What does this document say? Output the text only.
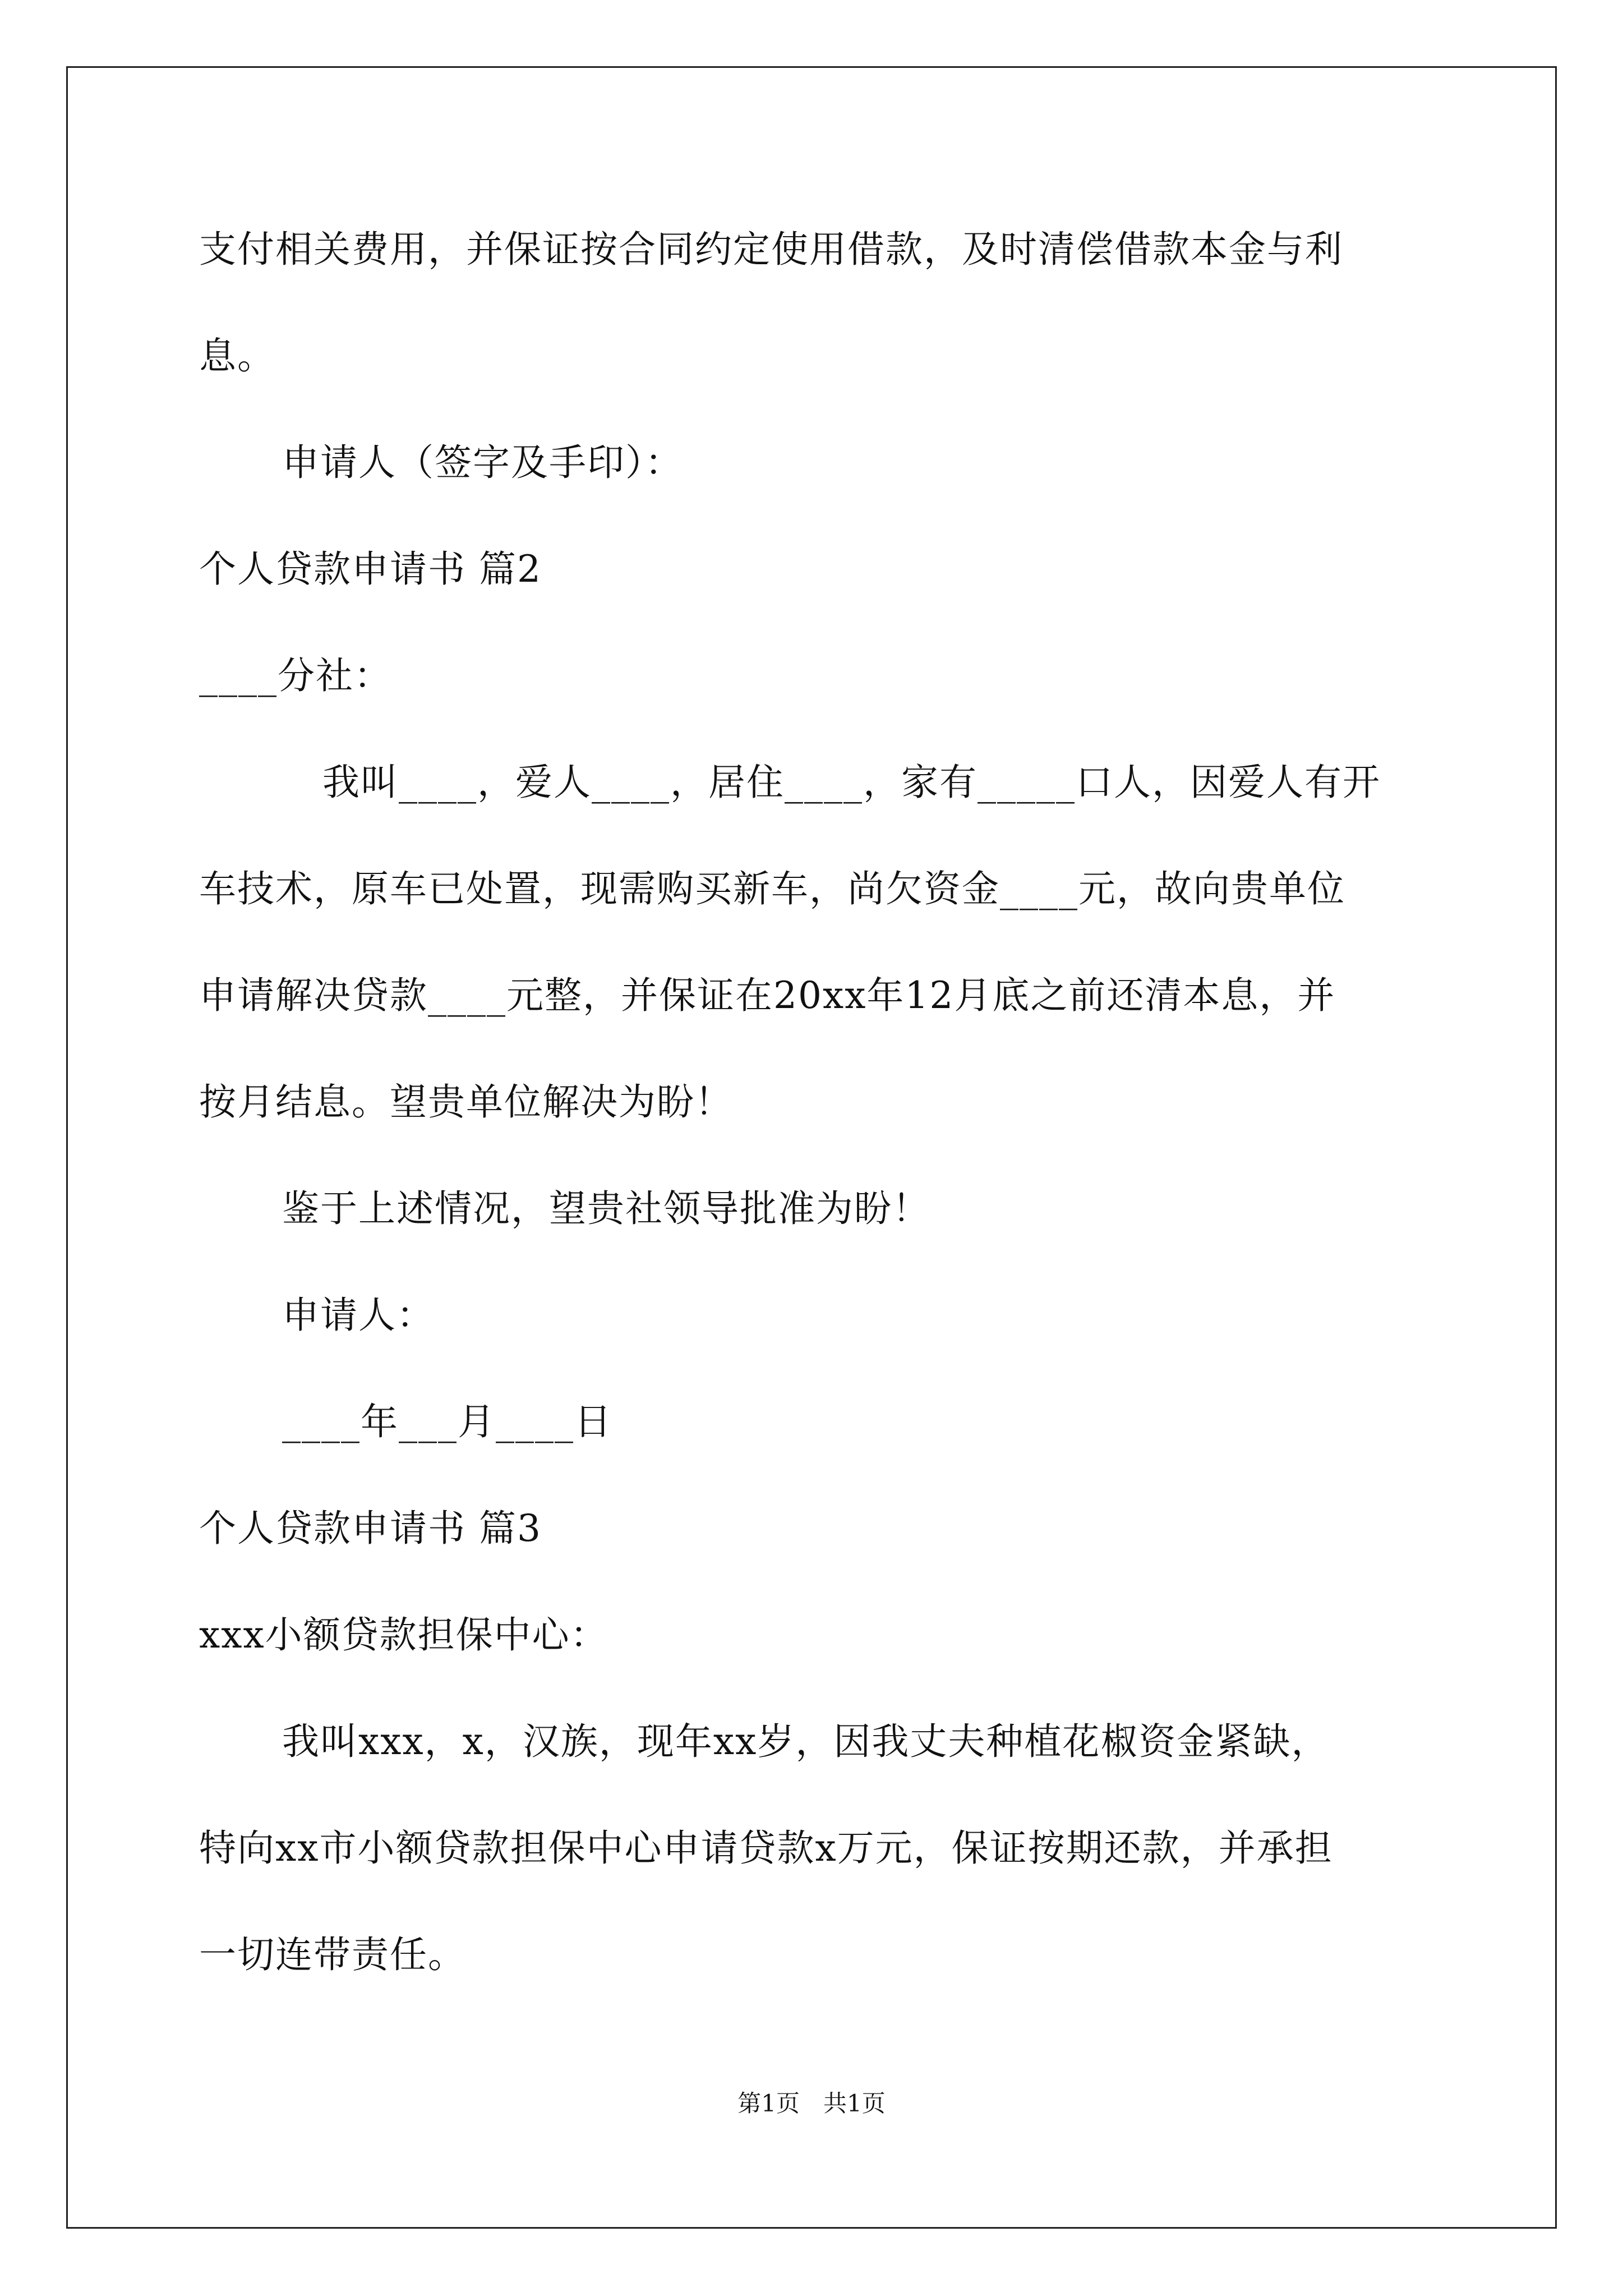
支付相关费用，并保证按合同约定使用借款，及时清偿借款本金与利
息。
申请人（签字及手印）：
个人贷款申请书 篇2
____分社：
我叫____，爱人____，居住____，家有_____口人，因爱人有开
车技术，原车已处置，现需购买新车，尚欠资金____元，故向贵单位
申请解决贷款____元整，并保证在20xx年12月底之前还清本息，并
按月结息。望贵单位解决为盼！
鉴于上述情况，望贵社领导批准为盼！
申请人：
____年___月____日
个人贷款申请书 篇3
xxx小额贷款担保中心：
我叫xxx，x，汉族，现年xx岁，因我丈夫种植花椒资金紧缺，
特向xx市小额贷款担保中心申请贷款x万元，保证按期还款，并承担
一切连带责任。
第1页　共1页
